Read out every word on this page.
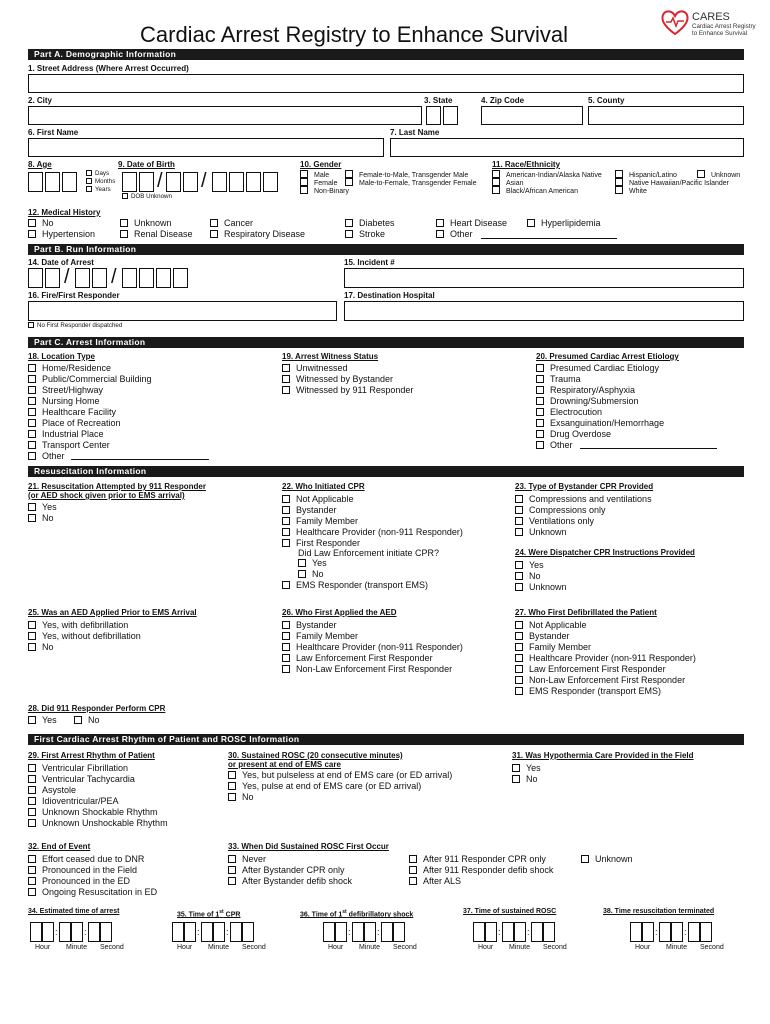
Cardiac Arrest Registry to Enhance Survival
CARES
Cardiac Arrest Registry
to Enhance Survival
Part A. Demographic Information
1. Street Address (Where Arrest Occurred)
2. City	3. State	4. Zip Code	5. County
6. First Name	7. Last Name
8. Age	9. Date of Birth	10. Gender	11. Race/Ethnicity
Days
Months
Years / /
DOB Unknown
Male
Female
Non-Binary
Female-to-Male, Transgender Male
Male-to-Female, Transgender Female
American-Indian/Alaska Native
Asian
Black/African American
Hispanic/Latino
Native Hawaiian/Pacific Islander
White
Unknown
12. Medical History
No
Hypertension
Unknown
Renal Disease
Cancer
Respiratory Disease
Diabetes
Stroke
Heart Disease
Other
Hyperlipidemia
Part B. Run Information
14. Date of Arrest	15. Incident #
/ /
16. Fire/First Responder	17. Destination Hospital
No First Responder dispatched
Part C. Arrest Information
18. Location Type
Home/Residence
Public/Commercial Building
Street/Highway
Nursing Home
Healthcare Facility
Place of Recreation
Industrial Place
Transport Center
Other
19. Arrest Witness Status
Unwitnessed
Witnessed by Bystander
Witnessed by 911 Responder
20. Presumed Cardiac Arrest Etiology
Presumed Cardiac Etiology
Trauma
Respiratory/Asphyxia
Drowning/Submersion
Electrocution
Exsanguination/Hemorrhage
Drug Overdose
Other
Resuscitation Information
21. Resuscitation Attempted by 911 Responder
(or AED shock given prior to EMS arrival)
Yes
No
22. Who Initiated CPR
Not Applicable
Bystander
Family Member
Healthcare Provider (non-911 Responder)
First Responder
Did Law Enforcement initiate CPR?
Yes
No
EMS Responder (transport EMS)
23. Type of Bystander CPR Provided
Compressions and ventilations
Compressions only
Ventilations only
Unknown
24. Were Dispatcher CPR Instructions Provided
Yes
No
Unknown
25. Was an AED Applied Prior to EMS Arrival
Yes, with defibrillation
Yes, without defibrillation
No
26. Who First Applied the AED
Bystander
Family Member
Healthcare Provider (non-911 Responder)
Law Enforcement First Responder
Non-Law Enforcement First Responder
27. Who First Defibrillated the Patient
Not Applicable
Bystander
Family Member
Healthcare Provider (non-911 Responder)
Law Enforcement First Responder
Non-Law Enforcement First Responder
EMS Responder (transport EMS)
28. Did 911 Responder Perform CPR
Yes	No
First Cardiac Arrest Rhythm of Patient and ROSC Information
29. First Arrest Rhythm of Patient
Ventricular Fibrillation
Ventricular Tachycardia
Asystole
Idioventricular/PEA
Unknown Shockable Rhythm
Unknown Unshockable Rhythm
30. Sustained ROSC (20 consecutive minutes)
or present at end of EMS care
Yes, but pulseless at end of EMS care (or ED arrival)
Yes, pulse at end of EMS care (or ED arrival)
No
31. Was Hypothermia Care Provided in the Field
Yes
No
32. End of Event
Effort ceased due to DNR
Pronounced in the Field
Pronounced in the ED
Ongoing Resuscitation in ED
33. When Did Sustained ROSC First Occur
Never
After Bystander CPR only
After Bystander defib shock
After 911 Responder CPR only
After 911 Responder defib shock
After ALS
Unknown
34. Estimated time of arrest	35. Time of 1st CPR	36. Time of 1st defibrillatory shock	37. Time of sustained ROSC	38. Time resuscitation terminated
:	:
Hour Minute Second
:	:
Hour Minute Second
:	:
Hour Minute Second
:	:
Hour Minute Second
:	:
Hour Minute Second
